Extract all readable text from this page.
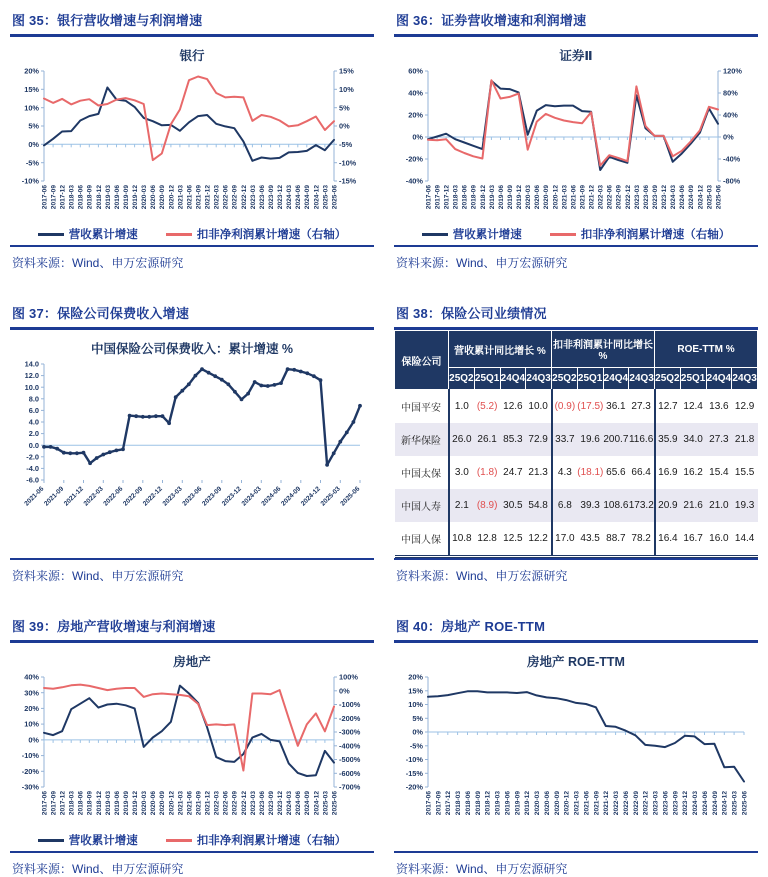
图 35：银行营收增速与利润增速
银行
20%
15%
10%
5%
0%
-5%
-10%
15%
10%
5%
0%
-5%
-10%
-15%
2017-06 2017-09 2017-12 2018-03 2018-06 2018-09 2018-12 2019-03 2019-06 2019-09 2019-12 2020-03 2020-06 2020-09 2020-12 2021-03 2021-06 2021-09 2021-12 2022-03 2022-06 2022-09 2022-12 2023-03 2023-06 2023-09 2023-12 2024-03 2024-06 2024-09 2024-12 2025-03 2025-06
营收累计增速	扣非净利润累计增速（右轴）
资料来源：Wind、申万宏源研究
图 36：证券营收增速和利润增速
证券Ⅱ
60%
40%
20%
0%
-20%
-40%
120%
80%
40%
0%
-40%
-80%
2017-06 2017-09 2017-12 2018-03 2018-06 2018-09 2018-12 2019-03 2019-06 2019-09 2019-12 2020-03 2020-06 2020-09 2020-12 2021-03 2021-06 2021-09 2021-12 2022-03 2022-06 2022-09 2022-12 2023-03 2023-06 2023-09 2023-12 2024-03 2024-06 2024-09 2024-12 2025-03 2025-06
营收累计增速	扣非净利润累计增速（右轴）
资料来源：Wind、申万宏源研究
图 37：保险公司保费收入增速
中国保险公司保费收入：累计增速 %
14.0
12.0
10.0
8.0
6.0
4.0
2.0
0.0
-2.0
-4.0
-6.0
2021-06
2021-09
2021-12
2022-03
2022-06
2022-09
2022-12
2023-03
2023-06
2023-09
2023-12
2024-03
2024-06
2024-09
2024-12
2025-03
2025-06
资料来源：Wind、申万宏源研究
图 38：保险公司业绩情况
保险公司	营收累计同比增长 %				扣非利润累计同比增长 %				ROE-TTM %			
	25Q2	25Q1	24Q4	24Q3	25Q2	25Q1	24Q4	24Q3	25Q2	25Q1	24Q4	24Q3
中国平安	1.0	(5.2)	12.6	10.0	(0.9)	(17.5)	36.1	27.3	12.7	12.4	13.6	12.9
新华保险	26.0	26.1	85.3	72.9	33.7	19.6	200.7	116.6	35.9	34.0	27.3	21.8
中国太保	3.0	(1.8)	24.7	21.3	4.3	(18.1)	65.6	66.4	16.9	16.2	15.4	15.5
中国人寿	2.1	(8.9)	30.5	54.8	6.8	39.3	108.6	173.2	20.9	21.6	21.0	19.3
中国人保	10.8	12.8	12.5	12.2	17.0	43.5	88.7	78.2	16.4	16.7	16.0	14.4
资料来源：Wind、申万宏源研究
图 39：房地产营收增速与利润增速
房地产
40%
30%
20%
10%
0%
-10%
-20%
-30%
100%
0%
-100%
-200%
-300%
-400%
-500%
-600%
-700%
2017-06 2017-09 2017-12 2018-03 2018-06 2018-09 2018-12 2019-03 2019-06 2019-09 2019-12 2020-03 2020-06 2020-09 2020-12 2021-03 2021-06 2021-09 2021-12 2022-03 2022-06 2022-09 2022-12 2023-03 2023-06 2023-09 2023-12 2024-03 2024-06 2024-09 2024-12 2025-03 2025-06
营收累计增速	扣非净利润累计增速（右轴）
资料来源：Wind、申万宏源研究
图 40：房地产 ROE-TTM
房地产 ROE-TTM
20%
15%
10%
5%
0%
-5%
-10%
-15%
-20%
2017-06 2017-09 2017-12 2018-03 2018-06 2018-09 2018-12 2019-03 2019-06 2019-09 2019-12 2020-03 2020-06 2020-09 2020-12 2021-03 2021-06 2021-09 2021-12 2022-03 2022-06 2022-09 2022-12 2023-03 2023-06 2023-09 2023-12 2024-03 2024-06 2024-09 2024-12 2025-03 2025-06
资料来源：Wind、申万宏源研究
